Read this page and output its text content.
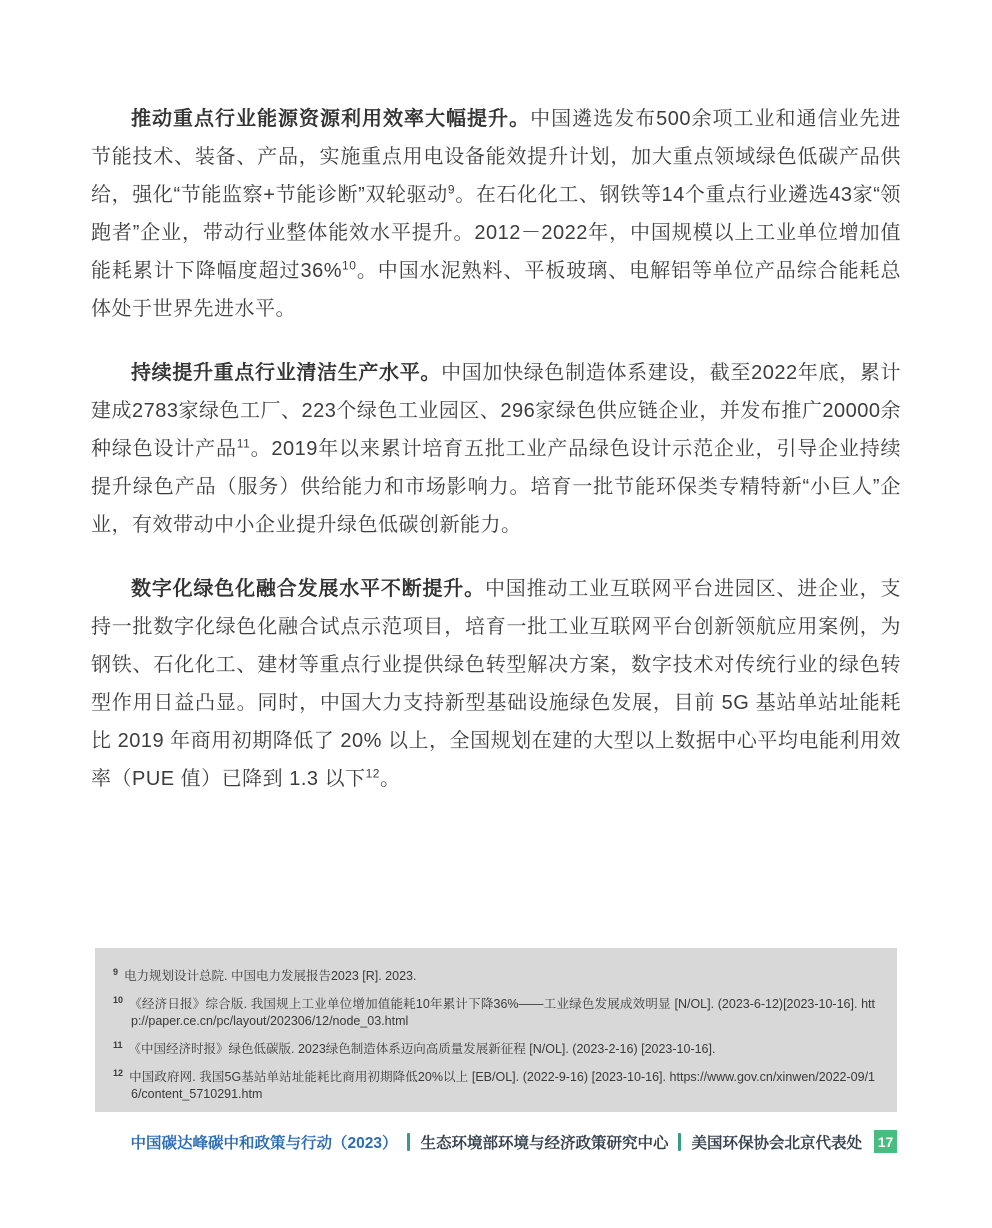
推动重点行业能源资源利用效率大幅提升。中国遴选发布500余项工业和通信业先进节能技术、装备、产品，实施重点用电设备能效提升计划，加大重点领域绿色低碳产品供给，强化“节能监察+节能诊断”双轮驱动$^9$。在石化化工、钢铁等14个重点行业遴选43家“领跑者”企业，带动行业整体能效水平提升。2012－2022年，中国规模以上工业单位增加值能耗累计下降幅度超过36%$^{10}$。中国水泥熟料、平板玻璃、电解铝等单位产品综合能耗总体处于世界先进水平。

持续提升重点行业清洁生产水平。中国加快绿色制造体系建设，截至2022年底，累计建成2783家绿色工厂、223个绿色工业园区、296家绿色供应链企业，并发布推广20000余种绿色设计产品$^{11}$。2019年以来累计培育五批工业产品绿色设计示范企业，引导企业持续提升绿色产品（服务）供给能力和市场影响力。培育一批节能环保类专精特新“小巨人”企业，有效带动中小企业提升绿色低碳创新能力。

数字化绿色化融合发展水平不断提升。中国推动工业互联网平台进园区、进企业，支持一批数字化绿色化融合试点示范项目，培育一批工业互联网平台创新领航应用案例，为钢铁、石化化工、建材等重点行业提供绿色转型解决方案，数字技术对传统行业的绿色转型作用日益凸显。同时，中国大力支持新型基础设施绿色发展，目前 5G 基站单站址能耗比 2019 年商用初期降低了 20% 以上，全国规划在建的大型以上数据中心平均电能利用效率（PUE 值）已降到 1.3 以下$^{12}$。

$^9$ 电力规划设计总院. 中国电力发展报告2023 [R]. 2023.

$^{10}$ 《经济日报》综合版. 我国规上工业单位增加值能耗10年累计下降36%——工业绿色发展成效明显 [N/OL]. (2023-6-12)[2023-10-16]. http://paper.ce.cn/pc/layout/202306/12/node_03.html

$^{11}$ 《中国经济时报》绿色低碳版. 2023绿色制造体系迈向高质量发展新征程 [N/OL]. (2023-2-16) [2023-10-16].

$^{12}$ 中国政府网. 我国5G基站单站址能耗比商用初期降低20%以上 [EB/OL]. (2022-9-16) [2023-10-16]. https://www.gov.cn/xinwen/2022-09/16/content_5710291.htm

中国碳达峰碳中和政策与行动（2023） 生态环境部环境与经济政策研究中心 美国环保协会北京代表处 17
